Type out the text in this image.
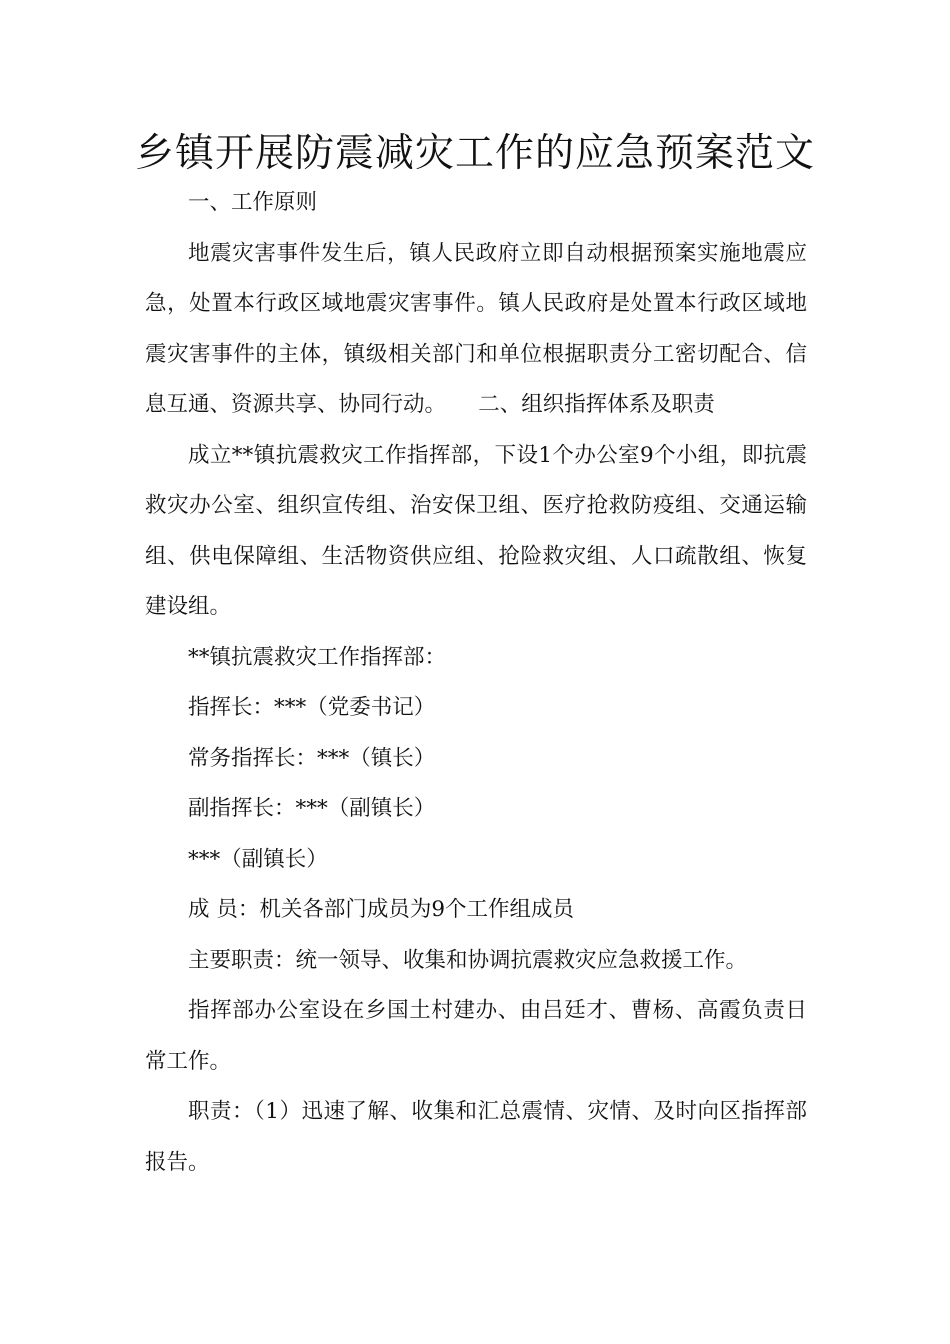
乡镇开展防震减灾工作的应急预案范文

一、工作原则

地震灾害事件发生后，镇人民政府立即自动根据预案实施地震应急，处置本行政区域地震灾害事件。镇人民政府是处置本行政区域地震灾害事件的主体，镇级相关部门和单位根据职责分工密切配合、信息互通、资源共享、协同行动。　　二、组织指挥体系及职责

成立**镇抗震救灾工作指挥部，下设1个办公室9个小组，即抗震救灾办公室、组织宣传组、治安保卫组、医疗抢救防疫组、交通运输组、供电保障组、生活物资供应组、抢险救灾组、人口疏散组、恢复建设组。

**镇抗震救灾工作指挥部：

指挥长：***（党委书记）

常务指挥长：***（镇长）

副指挥长：***（副镇长）

***（副镇长）

成 员：机关各部门成员为9个工作组成员

主要职责：统一领导、收集和协调抗震救灾应急救援工作。

指挥部办公室设在乡国土村建办、由吕廷才、曹杨、高霞负责日常工作。

职责：（1）迅速了解、收集和汇总震情、灾情、及时向区指挥部报告。
